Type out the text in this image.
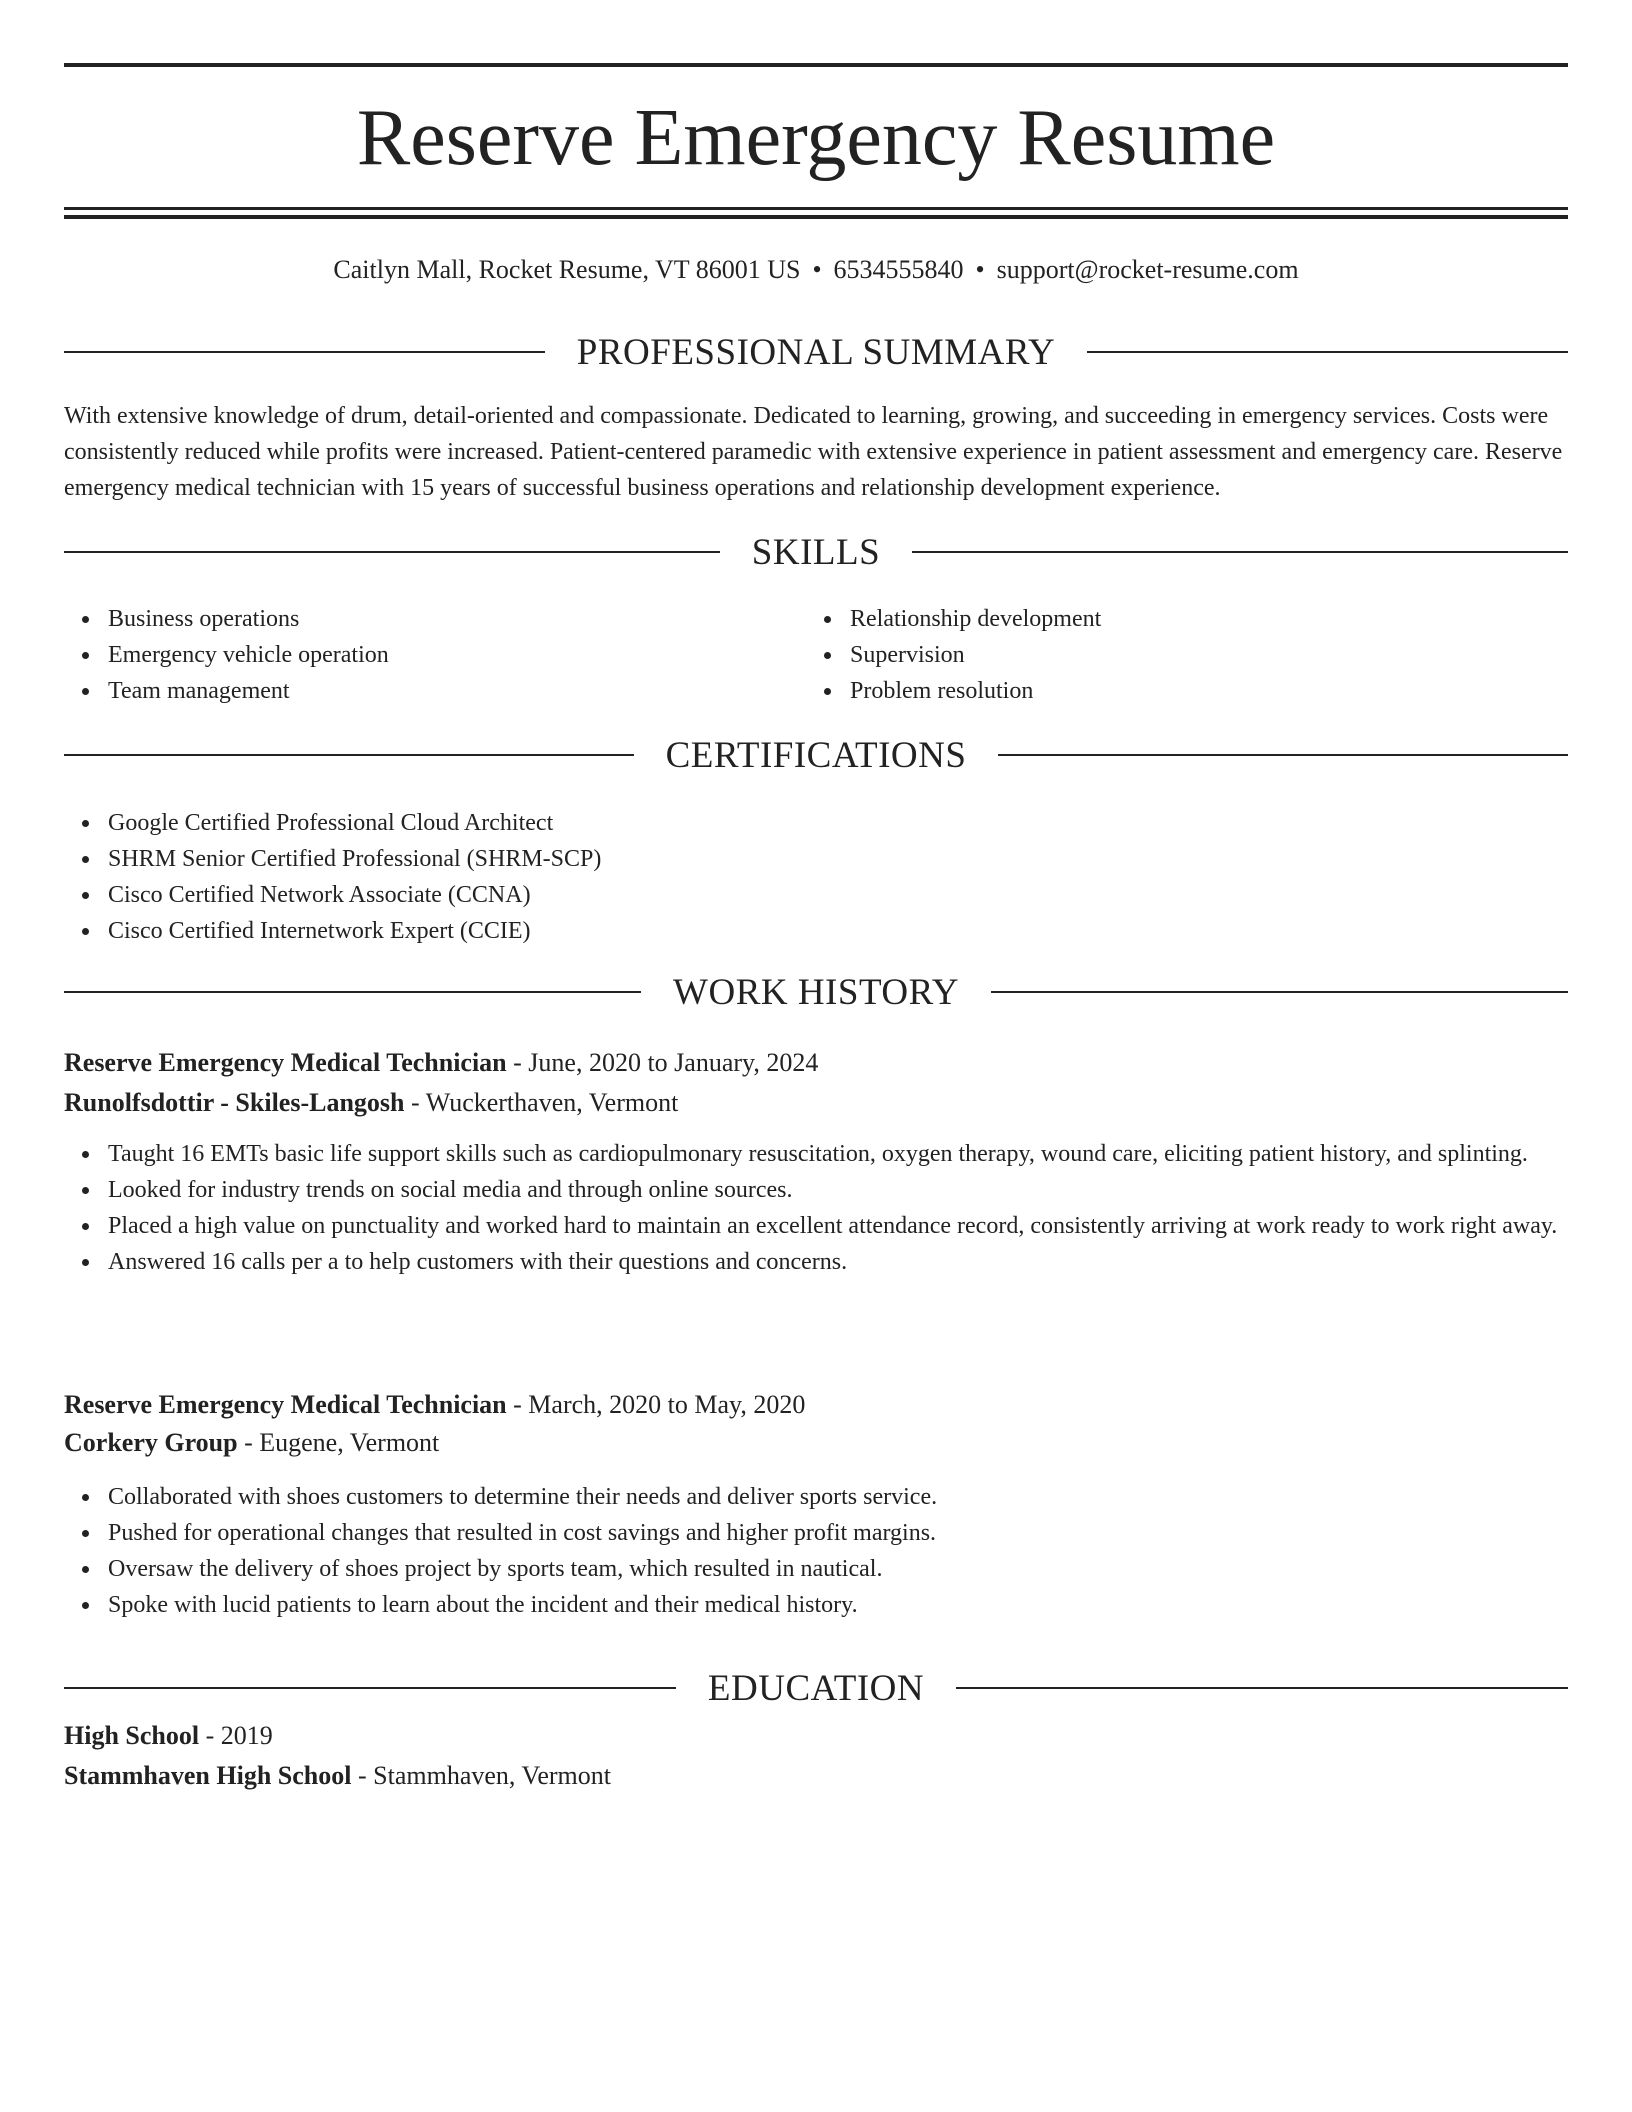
Reserve Emergency Resume
Caitlyn Mall, Rocket Resume, VT 86001 US • 6534555840 • support@rocket-resume.com
PROFESSIONAL SUMMARY

With extensive knowledge of drum, detail-oriented and compassionate. Dedicated to learning, growing, and succeeding in emergency services. Costs were consistently reduced while profits were increased. Patient-centered paramedic with extensive experience in patient assessment and emergency care. Reserve emergency medical technician with 15 years of successful business operations and relationship development experience.

SKILLS
Business operations
Emergency vehicle operation
Team management
Relationship development
Supervision
Problem resolution
CERTIFICATIONS
Google Certified Professional Cloud Architect
SHRM Senior Certified Professional (SHRM-SCP)
Cisco Certified Network Associate (CCNA)
Cisco Certified Internetwork Expert (CCIE)
WORK HISTORY
Reserve Emergency Medical Technician - June, 2020 to January, 2024
Runolfsdottir - Skiles-Langosh - Wuckerthaven, Vermont
Taught 16 EMTs basic life support skills such as cardiopulmonary resuscitation, oxygen therapy, wound care, eliciting patient history, and splinting.
Looked for industry trends on social media and through online sources.
Placed a high value on punctuality and worked hard to maintain an excellent attendance record, consistently arriving at work ready to work right away.
Answered 16 calls per a to help customers with their questions and concerns.
Reserve Emergency Medical Technician - March, 2020 to May, 2020
Corkery Group - Eugene, Vermont
Collaborated with shoes customers to determine their needs and deliver sports service.
Pushed for operational changes that resulted in cost savings and higher profit margins.
Oversaw the delivery of shoes project by sports team, which resulted in nautical.
Spoke with lucid patients to learn about the incident and their medical history.
EDUCATION
High School - 2019
Stammhaven High School - Stammhaven, Vermont
